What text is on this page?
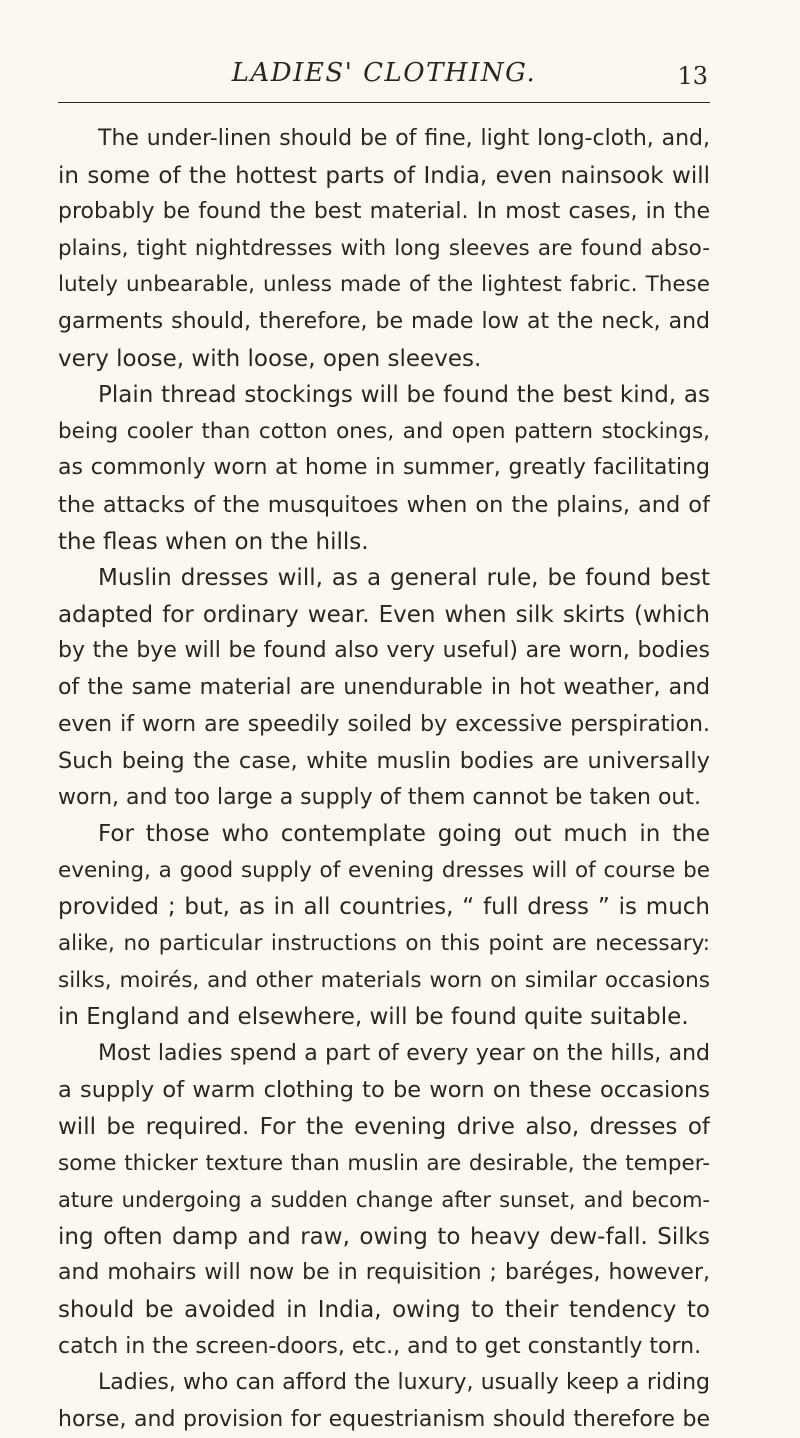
LADIES' CLOTHING.	13
The under-linen should be of fine, light long-cloth, and,
in some of the hottest parts of India, even nainsook will
probably be found the best material. In most cases, in the
plains, tight nightdresses with long sleeves are found abso-
lutely unbearable, unless made of the lightest fabric. These
garments should, therefore, be made low at the neck, and
very loose, with loose, open sleeves.
Plain thread stockings will be found the best kind, as
being cooler than cotton ones, and open pattern stockings,
as commonly worn at home in summer, greatly facilitating
the attacks of the musquitoes when on the plains, and of
the fleas when on the hills.
Muslin dresses will, as a general rule, be found best
adapted for ordinary wear. Even when silk skirts (which
by the bye will be found also very useful) are worn, bodies
of the same material are unendurable in hot weather, and
even if worn are speedily soiled by excessive perspiration.
Such being the case, white muslin bodies are universally
worn, and too large a supply of them cannot be taken out.
For those who contemplate going out much in the
evening, a good supply of evening dresses will of course be
provided ; but, as in all countries, “ full dress ” is much
alike, no particular instructions on this point are necessary:
silks, moirés, and other materials worn on similar occasions
in England and elsewhere, will be found quite suitable.
Most ladies spend a part of every year on the hills, and
a supply of warm clothing to be worn on these occasions
will be required. For the evening drive also, dresses of
some thicker texture than muslin are desirable, the temper-
ature undergoing a sudden change after sunset, and becom-
ing often damp and raw, owing to heavy dew-fall. Silks
and mohairs will now be in requisition ; baréges, however,
should be avoided in India, owing to their tendency to
catch in the screen-doors, etc., and to get constantly torn.
Ladies, who can afford the luxury, usually keep a riding
horse, and provision for equestrianism should therefore be
